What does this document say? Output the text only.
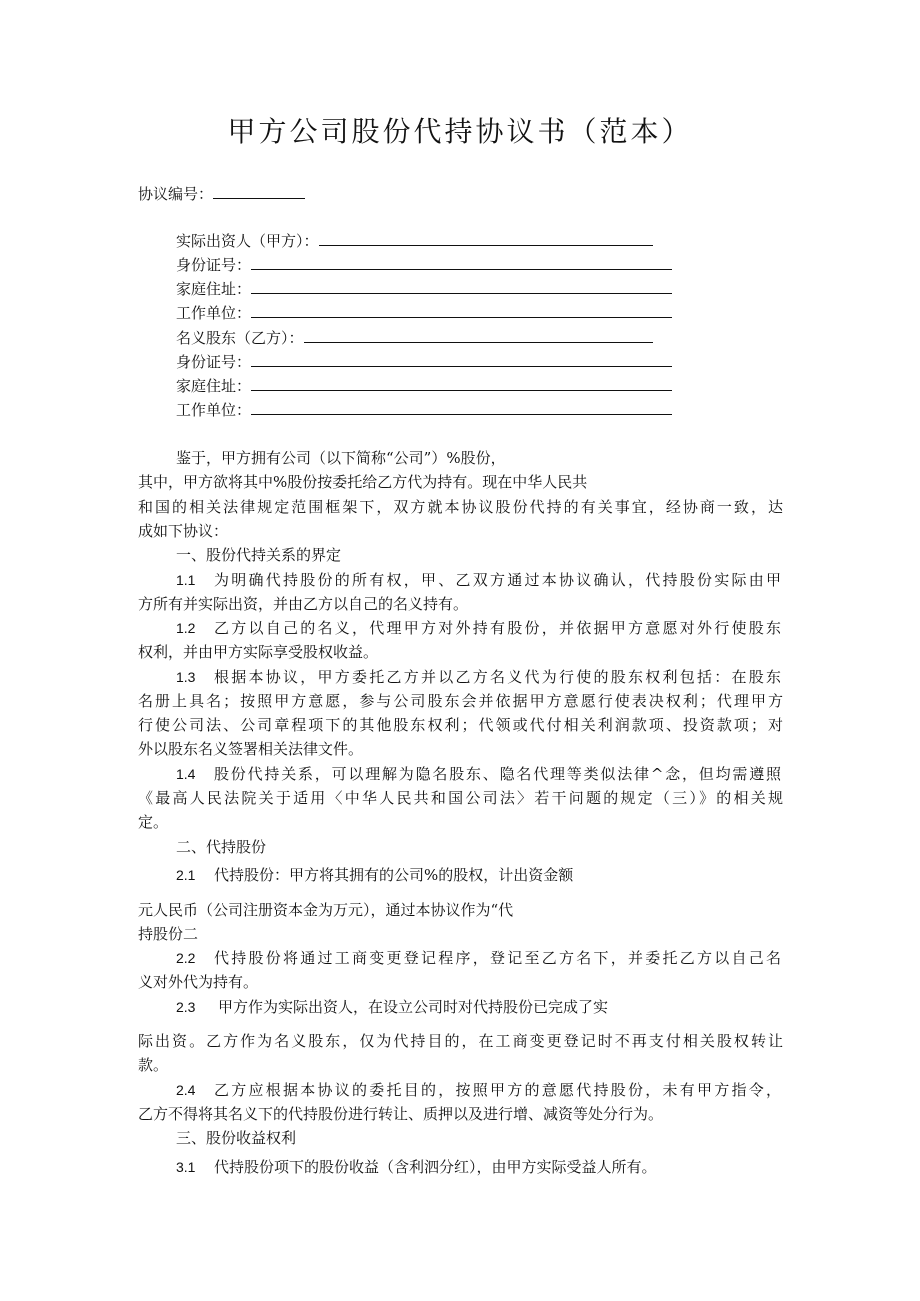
甲方公司股份代持协议书（范本）
协议编号：
实际出资人（甲方）：
身份证号：
家庭住址：
工作单位：
名义股东（乙方）：
身份证号：
家庭住址：
工作单位：
鉴于，甲方拥有公司（以下简称“公司”）%股份，
其中，甲方欲将其中%股份按委托给乙方代为持有。现在中华人民共
和国的相关法律规定范围框架下，双方就本协议股份代持的有关事宜，经协商一致，达
成如下协议：
一、股份代持关系的界定
1.1 为明确代持股份的所有权，甲、乙双方通过本协议确认，代持股份实际由甲
方所有并实际出资，并由乙方以自己的名义持有。
1.2 乙方以自己的名义，代理甲方对外持有股份，并依据甲方意愿对外行使股东
权利，并由甲方实际享受股权收益。
1.3 根据本协议，甲方委托乙方并以乙方名义代为行使的股东权利包括：在股东
名册上具名；按照甲方意愿，参与公司股东会并依据甲方意愿行使表决权利；代理甲方
行使公司法、公司章程项下的其他股东权利；代领或代付相关利润款项、投资款项；对
外以股东名义签署相关法律文件。
1.4 股份代持关系，可以理解为隐名股东、隐名代理等类似法律^念，但均需遵照
《最高人民法院关于适用〈中华人民共和国公司法〉若干问题的规定（三）》的相关规
定。
二、代持股份
2.1 代持股份：甲方将其拥有的公司%的股权，计出资金额
元人民币（公司注册资本金为万元），通过本协议作为“代
持股份二
2.2 代持股份将通过工商变更登记程序，登记至乙方名下，并委托乙方以自己名
义对外代为持有。
2.3 甲方作为实际出资人，在设立公司时对代持股份已完成了实
际出资。乙方作为名义股东，仅为代持目的，在工商变更登记时不再支付相关股权转让
款。
2.4 乙方应根据本协议的委托目的，按照甲方的意愿代持股份，未有甲方指令，
乙方不得将其名义下的代持股份进行转让、质押以及进行增、减资等处分行为。
三、股份收益权利
3.1 代持股份项下的股份收益（含利泗分红），由甲方实际受益人所有。
